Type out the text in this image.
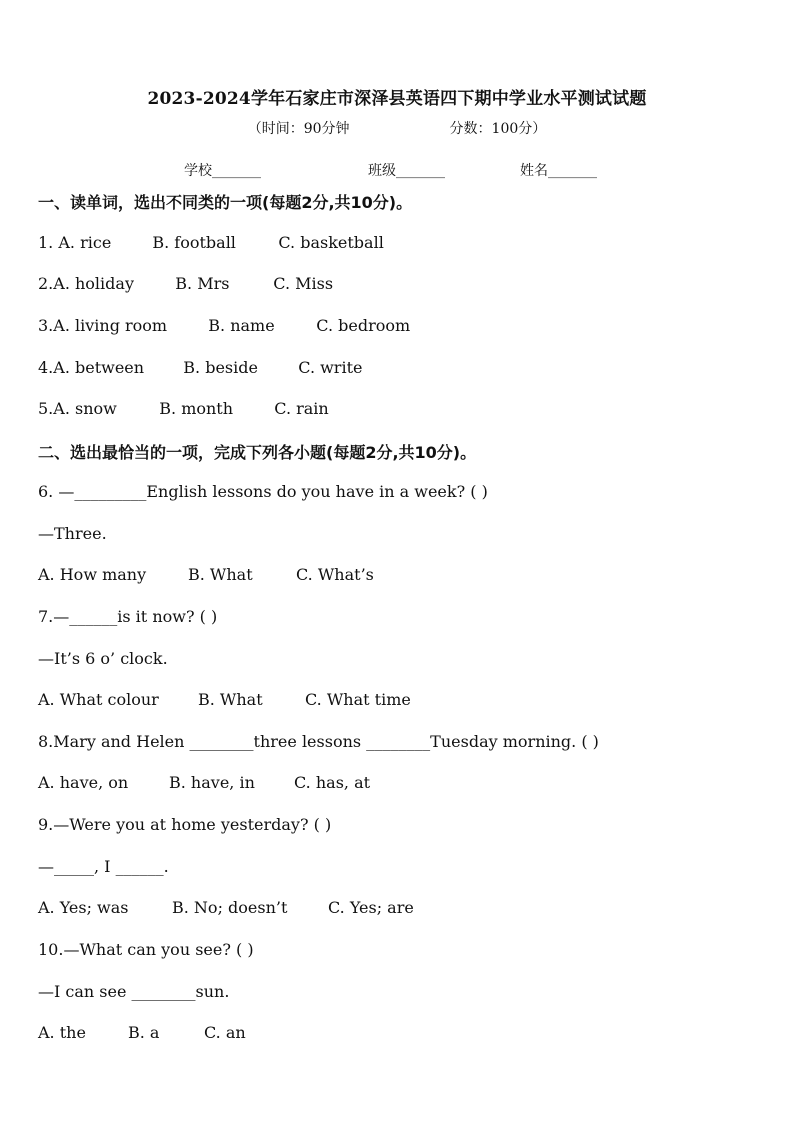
2023-2024学年石家庄市深泽县英语四下期中学业水平测试试题
（时间：90分钟	分数：100分）
学校_______	班级_______	姓名_______
一、读单词，选出不同类的一项(每题2分,共10分)。
1. A. rice	B. football	C. basketball
2.A. holiday	B. Mrs	C. Miss
3.A. living room	B. name	C. bedroom
4.A. between B. beside	C. write
5.A. snow	B. month	C. rain
二、选出最恰当的一项，完成下列各小题(每题2分,共10分)。
6. —_________English lessons do you have in a week? ( )
—Three.
A. How many	B. What	C. What’s
7.—______is it now? ( )
—It’s 6 o’ clock.
A. What colour B. What	C. What time
8.Mary and Helen ________three lessons ________Tuesday morning. ( )
A. have, on	B. have, in C. has, at
9.—Were you at home yesterday? ( )
—_____, I ______.
A. Yes; was	B. No; doesn’t	C. Yes; are
10.—What can you see? ( )
—I can see ________sun.
A. the	B. a	C. an
